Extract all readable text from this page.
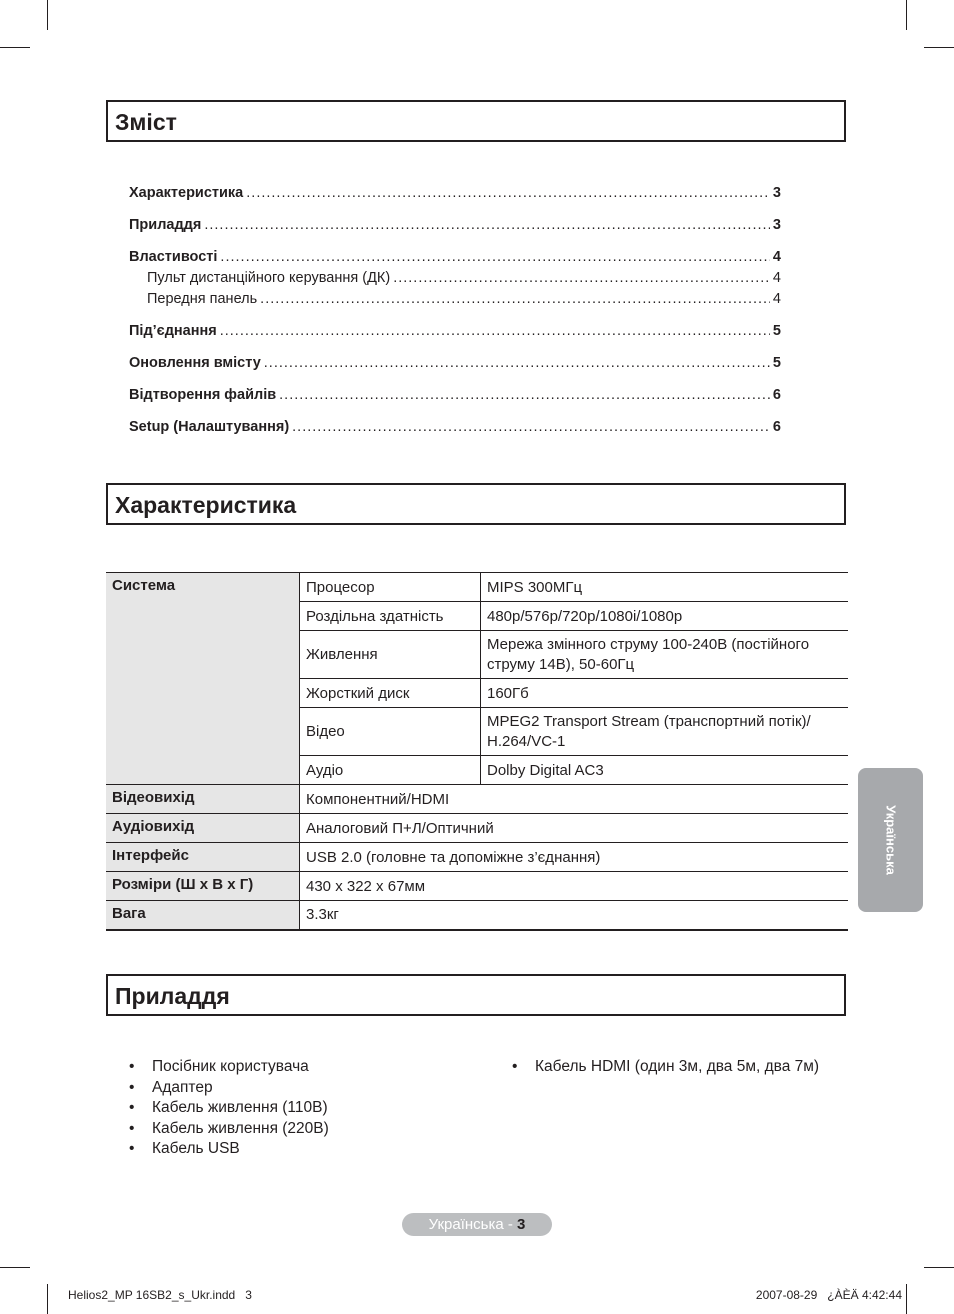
Зміст
Характеристика .....	3
Приладдя .....	3
Властивості .....	4
Пульт дистанційного керування (ДК) .....	4
Передня панель .....	4
Під’єднання .....	5
Оновлення вмісту .....	5
Відтворення файлів .....	6
Setup (Налаштування) .....	6
Характеристика
Система	Процесор	MIPS 300МГц
	Роздільна здатність	480p/576p/720p/1080i/1080p
	Живлення	Мережа змінного струму 100-240В (постійного струму 14В), 50-60Гц
	Жорсткий диск	160Гб
	Відео	MPEG2 Transport Stream (транспортний потік)/ H.264/VC-1
	Аудіо	Dolby Digital AC3
Відеовихід	Компонентний/HDMI	
Аудіовихід	Аналоговий П+Л/Оптичний	
Інтерфейс	USB 2.0 (головне та допоміжне з’єднання)	
Розміри (Ш x В x Г)	430 x 322 x 67мм	
Вага	3.3кг	
Приладдя
• Посібник користувача
• Адаптер
• Кабель живлення (110В)
• Кабель живлення (220В)
• Кабель USB
• Кабель HDMI (один 3м, два 5м, два 7м)
Українська
Українська - 3
Helios2_MP 16SB2_s_Ukr.indd   3	2007-08-29   ¿ÀÈÄ 4:42:44
